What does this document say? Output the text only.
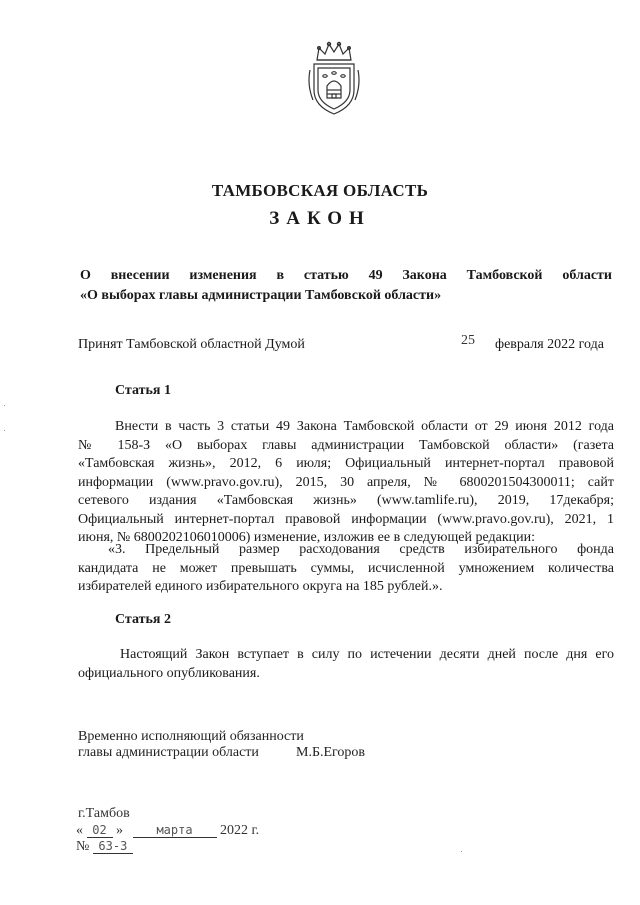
ТАМБОВСКАЯ ОБЛАСТЬ
ЗАКОН
О внесении изменения в статью 49 Закона Тамбовской области
«О выборах главы администрации Тамбовской области»
Принят Тамбовской областной Думой	25 февраля 2022 года
Статья 1
Внести в часть 3 статьи 49 Закона Тамбовской области от 29 июня 2012 года
№ 158-З «О выборах главы администрации Тамбовской области» (газета
«Тамбовская жизнь», 2012, 6 июля; Официальный интернет-портал правовой
информации (www.pravo.gov.ru), 2015, 30 апреля, № 6800201504300011; сайт
сетевого издания «Тамбовская жизнь» (www.tamlife.ru), 2019, 17декабря;
Официальный интернет-портал правовой информации (www.pravo.gov.ru), 2021, 1
июня, № 6800202106010006) изменение, изложив ее в следующей редакции:
«3. Предельный размер расходования средств избирательного фонда
кандидата не может превышать суммы, исчисленной умножением количества
избирателей единого избирательного округа на 185 рублей.».
Статья 2
Настоящий Закон вступает в силу по истечении десяти дней после дня его
официального опубликования.
Временно исполняющий обязанности
главы администрации области	М.Б.Егоров
г.Тамбов
« 02 »	марта 2022 г.
№ 63-З
